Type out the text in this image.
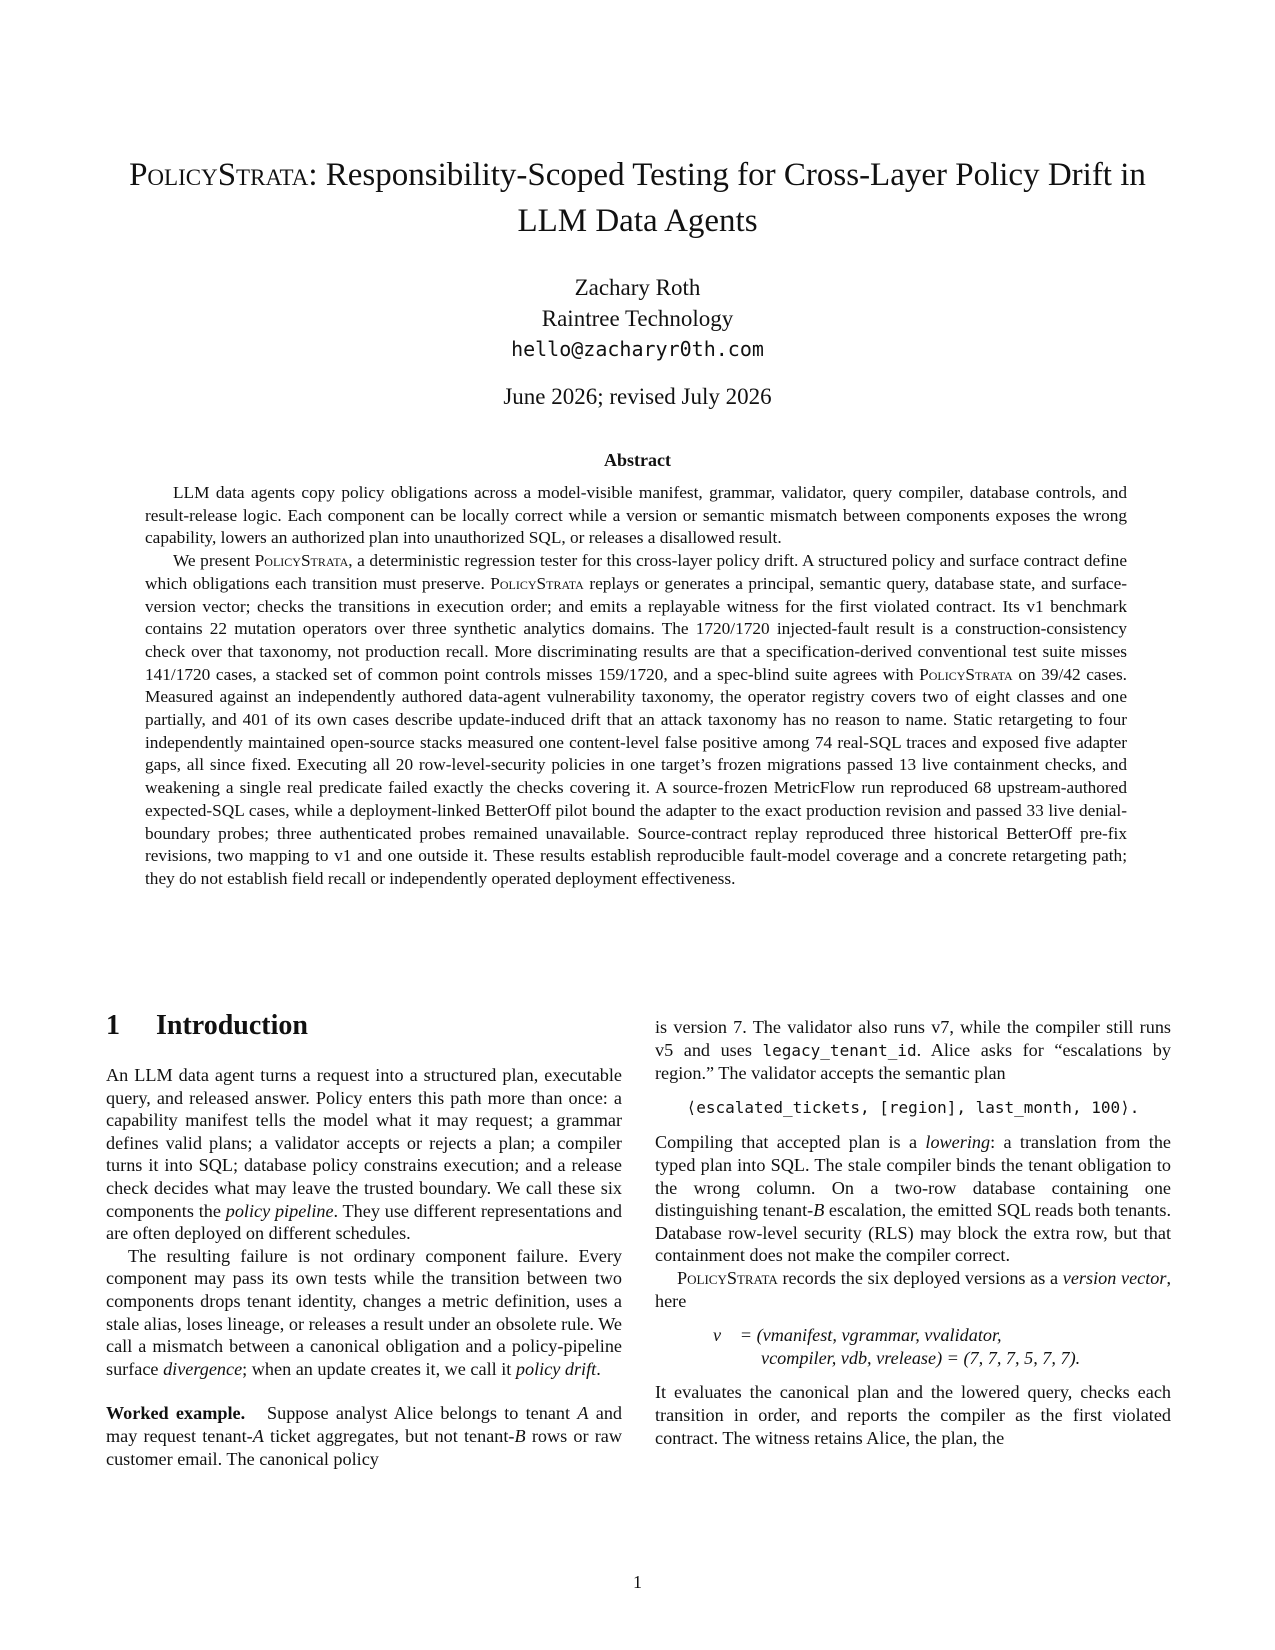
PolicyStrata: Responsibility-Scoped Testing for Cross-Layer Policy Drift in LLM Data Agents
Zachary Roth
Raintree Technology
hello@zacharyr0th.com
June 2026; revised July 2026
Abstract

LLM data agents copy policy obligations across a model-visible manifest, grammar, validator, query compiler, database controls, and result-release logic. Each component can be locally correct while a version or semantic mismatch between components exposes the wrong capability, lowers an authorized plan into unauthorized SQL, or releases a disallowed result.

We present PolicyStrata, a deterministic regression tester for this cross-layer policy drift. A structured policy and surface contract define which obligations each transition must preserve. PolicyStrata replays or generates a principal, semantic query, database state, and surface-version vector; checks the transitions in execution order; and emits a replayable witness for the first violated contract. Its v1 benchmark contains 22 mutation operators over three synthetic analytics domains. The 1720/1720 injected-fault result is a construction-consistency check over that taxonomy, not production recall. More discriminating results are that a specification-derived conventional test suite misses 141/1720 cases, a stacked set of common point controls misses 159/1720, and a spec-blind suite agrees with PolicyStrata on 39/42 cases. Measured against an independently authored data-agent vulnerability taxonomy, the operator registry covers two of eight classes and one partially, and 401 of its own cases describe update-induced drift that an attack taxonomy has no reason to name. Static retargeting to four independently maintained open-source stacks measured one content-level false positive among 74 real-SQL traces and exposed five adapter gaps, all since fixed. Executing all 20 row-level-security policies in one target’s frozen migrations passed 13 live containment checks, and weakening a single real predicate failed exactly the checks covering it. A source-frozen MetricFlow run reproduced 68 upstream-authored expected-SQL cases, while a deployment-linked BetterOff pilot bound the adapter to the exact production revision and passed 33 live denial-boundary probes; three authenticated probes remained unavailable. Source-contract replay reproduced three historical BetterOff pre-fix revisions, two mapping to v1 and one outside it. These results establish reproducible fault-model coverage and a concrete retargeting path; they do not establish field recall or independently operated deployment effectiveness.

1 Introduction

An LLM data agent turns a request into a structured plan, executable query, and released answer. Policy enters this path more than once: a capability manifest tells the model what it may request; a grammar defines valid plans; a validator accepts or rejects a plan; a compiler turns it into SQL; database policy constrains execution; and a release check decides what may leave the trusted boundary. We call these six components the policy pipeline. They use different representations and are often deployed on different schedules.

The resulting failure is not ordinary component failure. Every component may pass its own tests while the transition between two components drops tenant identity, changes a metric definition, uses a stale alias, loses lineage, or releases a result under an obsolete rule. We call a mismatch between a canonical obligation and a policy-pipeline surface divergence; when an update creates it, we call it policy drift.

Worked example. Suppose analyst Alice belongs to tenant A and may request tenant-A ticket aggregates, but not tenant-B rows or raw customer email. The canonical policy

is version 7. The validator also runs v7, while the compiler still runs v5 and uses legacy_tenant_id. Alice asks for “escalations by region.” The validator accepts the semantic plan

⟨escalated_tickets, [region], last_month, 100⟩.

Compiling that accepted plan is a lowering: a translation from the typed plan into SQL. The stale compiler binds the tenant obligation to the wrong column. On a two-row database containing one distinguishing tenant-B escalation, the emitted SQL reads both tenants. Database row-level security (RLS) may block the extra row, but that containment does not make the compiler correct.

PolicyStrata records the six deployed versions as a version vector, here

v⃗ = (vmanifest, vgrammar, vvalidator,
vcompiler, vdb, vrelease) = (7, 7, 7, 5, 7, 7).

It evaluates the canonical plan and the lowered query, checks each transition in order, and reports the compiler as the first violated contract. The witness retains Alice, the plan, the

1
